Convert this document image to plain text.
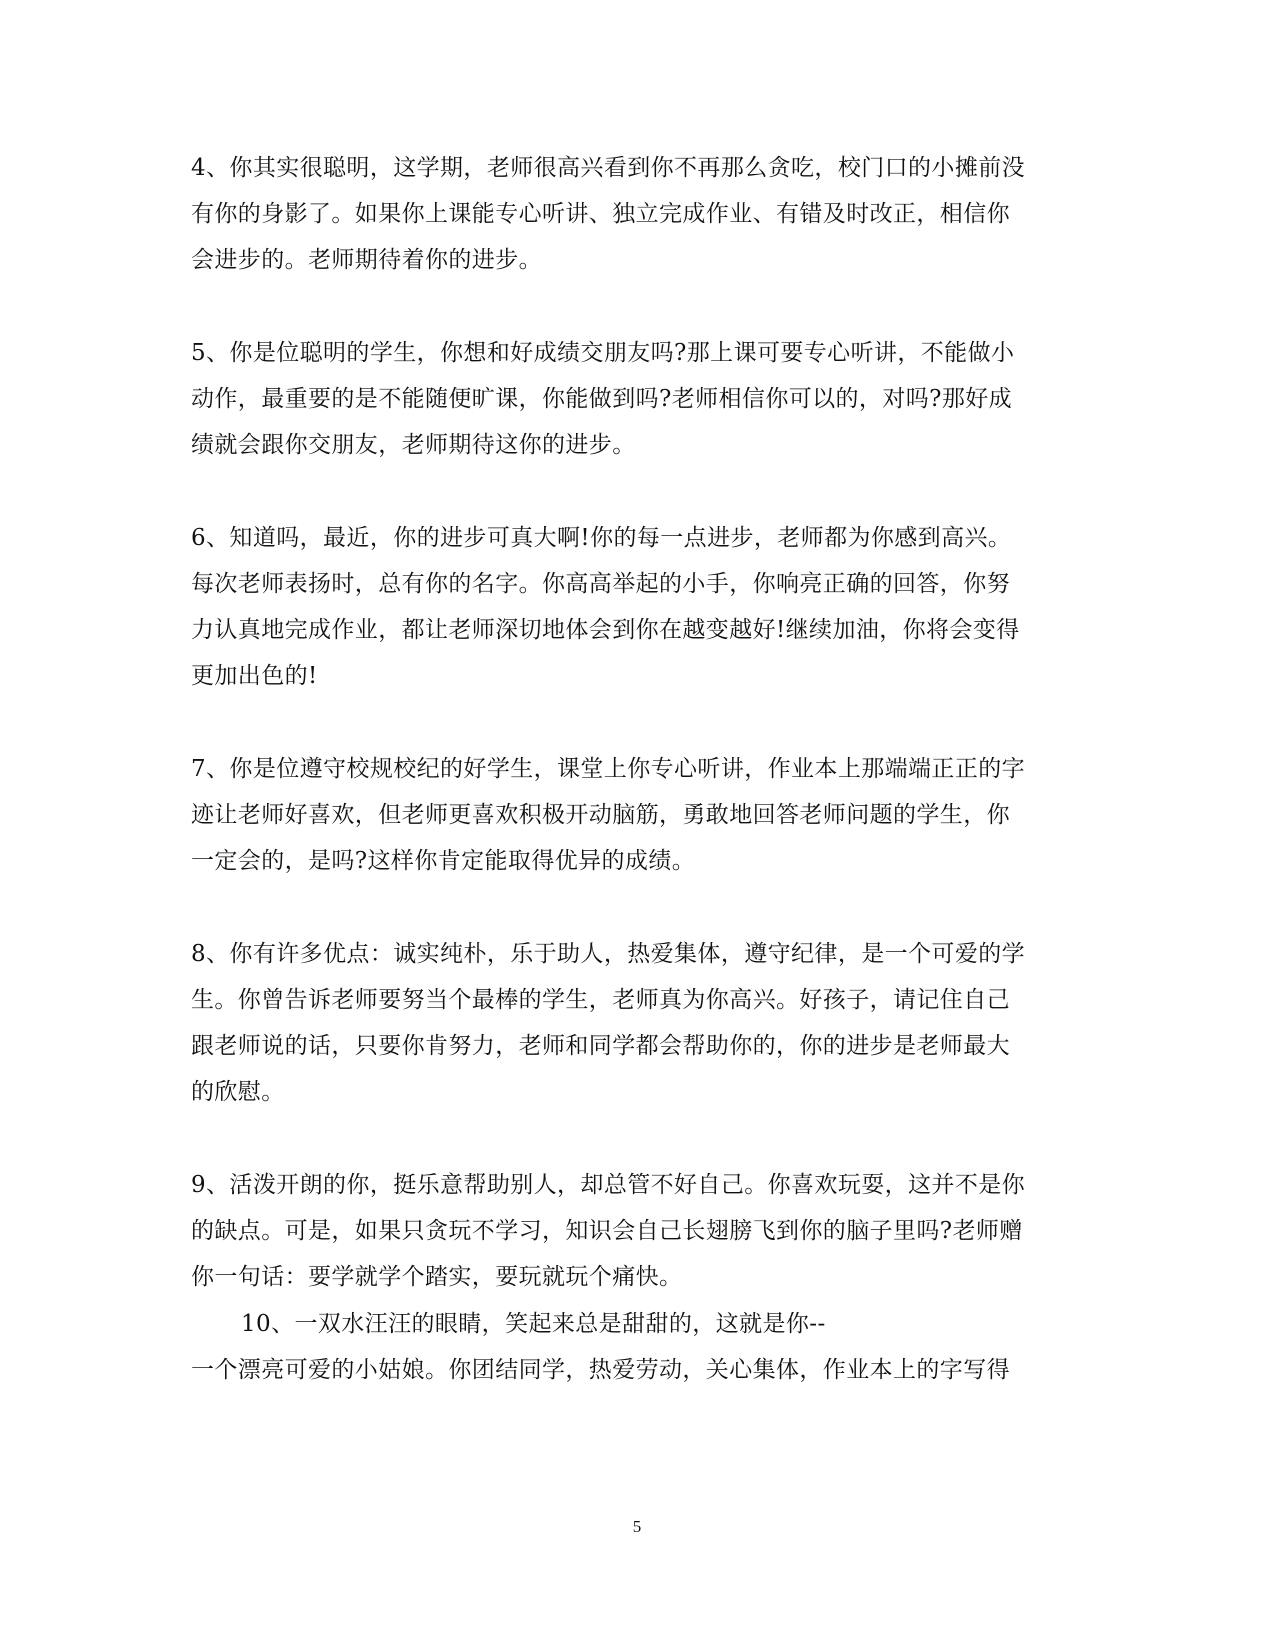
4、你其实很聪明，这学期，老师很高兴看到你不再那么贪吃，校门口的小摊前没
有你的身影了。如果你上课能专心听讲、独立完成作业、有错及时改正，相信你
会进步的。老师期待着你的进步。
5、你是位聪明的学生，你想和好成绩交朋友吗?那上课可要专心听讲，不能做小
动作，最重要的是不能随便旷课，你能做到吗?老师相信你可以的，对吗?那好成
绩就会跟你交朋友，老师期待这你的进步。
6、知道吗，最近，你的进步可真大啊!你的每一点进步，老师都为你感到高兴。
每次老师表扬时，总有你的名字。你高高举起的小手，你响亮正确的回答，你努
力认真地完成作业，都让老师深切地体会到你在越变越好!继续加油，你将会变得
更加出色的!
7、你是位遵守校规校纪的好学生，课堂上你专心听讲，作业本上那端端正正的字
迹让老师好喜欢，但老师更喜欢积极开动脑筋，勇敢地回答老师问题的学生，你
一定会的，是吗?这样你肯定能取得优异的成绩。
8、你有许多优点：诚实纯朴，乐于助人，热爱集体，遵守纪律，是一个可爱的学
生。你曾告诉老师要努当个最棒的学生，老师真为你高兴。好孩子，请记住自己
跟老师说的话，只要你肯努力，老师和同学都会帮助你的，你的进步是老师最大
的欣慰。
9、活泼开朗的你，挺乐意帮助别人，却总管不好自己。你喜欢玩耍，这并不是你
的缺点。可是，如果只贪玩不学习，知识会自己长翅膀飞到你的脑子里吗?老师赠
你一句话：要学就学个踏实，要玩就玩个痛快。
10、一双水汪汪的眼睛，笑起来总是甜甜的，这就是你--
一个漂亮可爱的小姑娘。你团结同学，热爱劳动，关心集体，作业本上的字写得
5
